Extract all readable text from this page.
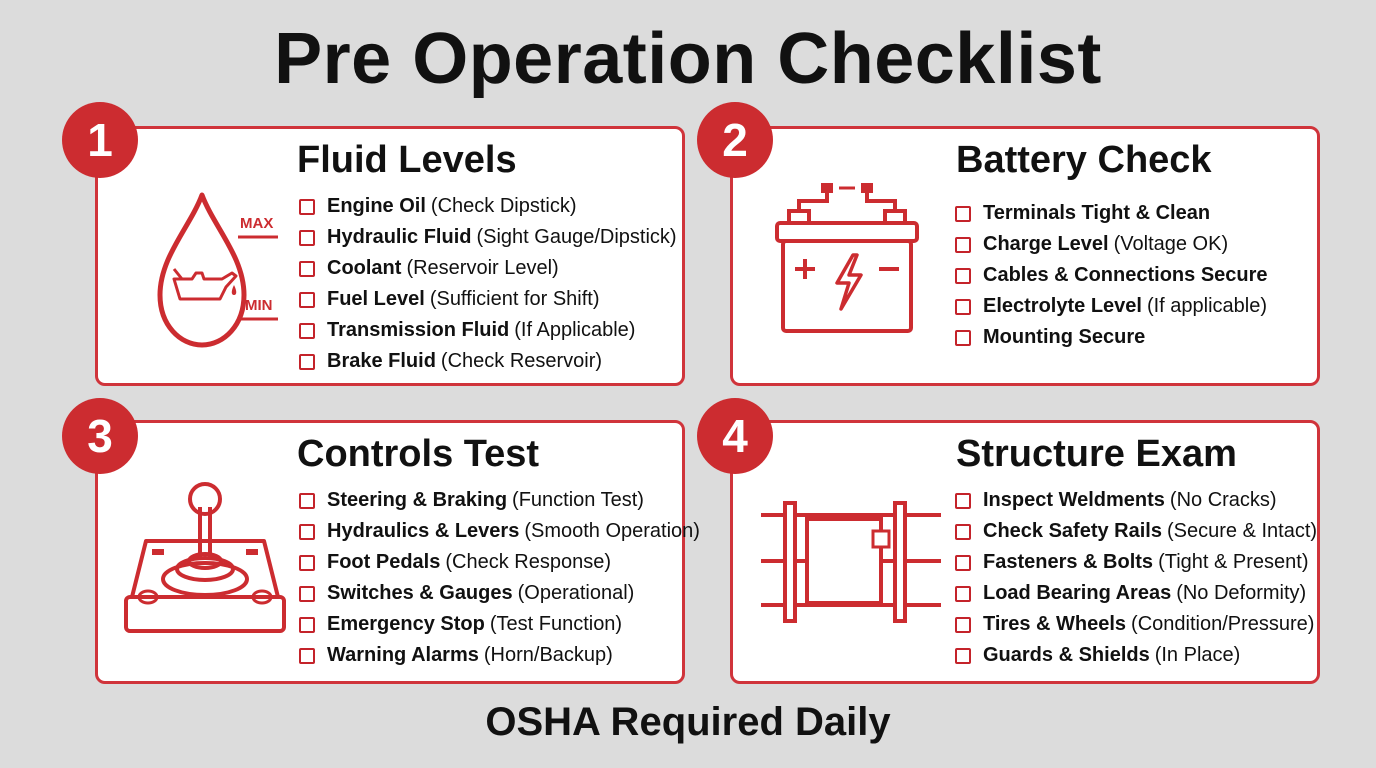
Pre Operation Checklist
MAX
MIN
Engine Oil (Check Dipstick)
Hydraulic Fluid (Sight Gauge/Dipstick)
Coolant (Reservoir Level)
Fuel Level (Sufficient for Shift)
Transmission Fluid (If Applicable)
Brake Fluid (Check Reservoir)
1	Fluid Levels
Terminals Tight & Clean
Charge Level (Voltage OK)
Cables & Connections Secure
Electrolyte Level (If applicable)
Mounting Secure
2	Battery Check
Steering & Braking (Function Test)
Hydraulics & Levers (Smooth Operation)
Foot Pedals (Check Response)
Switches & Gauges (Operational)
Emergency Stop (Test Function)
Warning Alarms (Horn/Backup)
3	Controls Test
Inspect Weldments (No Cracks)
Check Safety Rails (Secure & Intact)
Fasteners & Bolts (Tight & Present)
Load Bearing Areas (No Deformity)
Tires & Wheels (Condition/Pressure)
Guards & Shields (In Place)
4	Structure Exam
OSHA Required Daily
